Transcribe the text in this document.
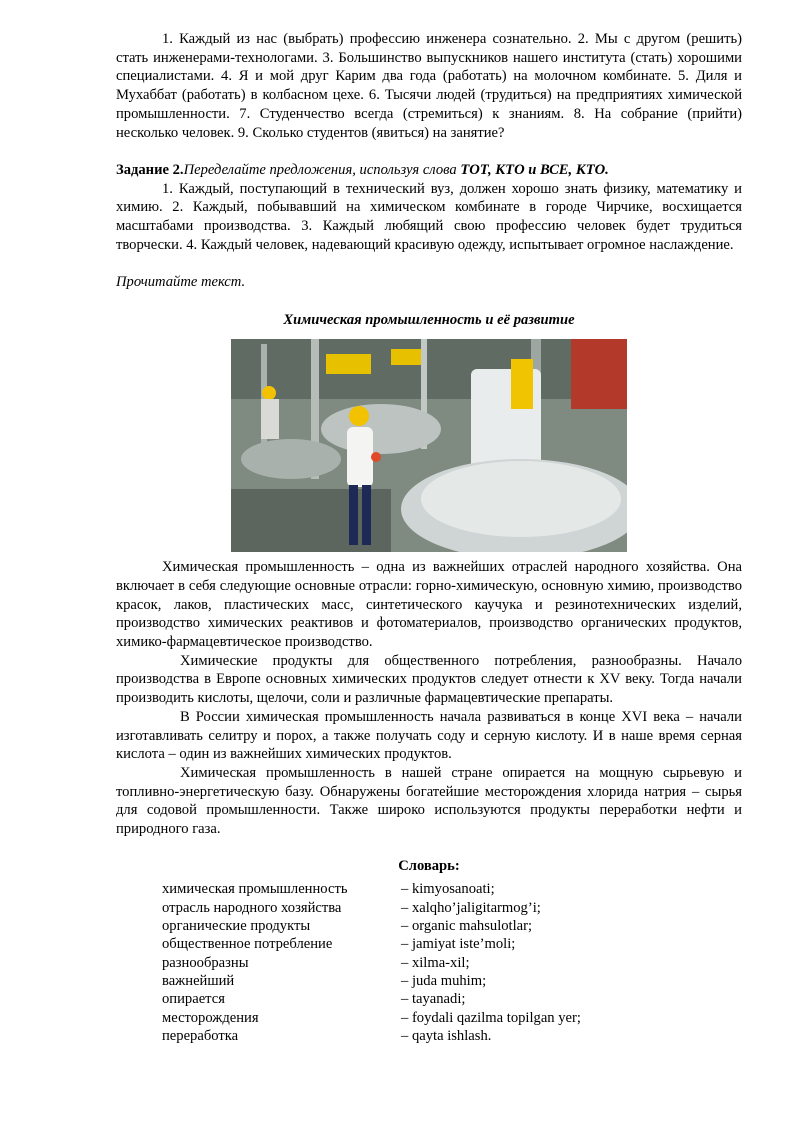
1. Каждый из нас (выбрать) профессию инженера сознательно. 2. Мы с другом (решить) стать инженерами-технологами. 3. Большинство выпускников нашего института (стать) хорошими специалистами. 4. Я и мой друг Карим два года (работать) на молочном комбинате. 5. Диля и Мухаббат (работать) в колбасном цехе. 6. Тысячи людей (трудиться) на предприятиях химической промышленности. 7. Студенчество всегда (стремиться) к знаниям. 8. На собрание (прийти) несколько человек. 9. Сколько студентов (явиться) на занятие?

Задание 2.Переделайте предложения, используя слова ТОТ, КТО и ВСЕ, КТО.

1. Каждый, поступающий в технический вуз, должен хорошо знать физику, математику и химию. 2. Каждый, побывавший на химическом комбинате в городе Чирчике, восхищается масштабами производства. 3. Каждый любящий свою профессию человек будет трудиться творчески. 4. Каждый человек, надевающий красивую одежду, испытывает огромное наслаждение.

Прочитайте текст.

Химическая промышленность и её развитие

Химическая промышленность – одна из важнейших отраслей народного хозяйства. Она включает в себя следующие основные отрасли: горно-химическую, основную химию, производство красок, лаков, пластических масс, синтетического каучука и резинотехнических изделий, производство химических реактивов и фотоматериалов, производство органических продуктов, химико-фармацевтическое производство.

Химические продукты для общественного потребления, разнообразны. Начало производства в Европе основных химических продуктов следует отнести к XV веку. Тогда начали производить кислоты, щелочи, соли и различные фармацевтические препараты.

В России химическая промышленность начала развиваться в конце XVI века – начали изготавливать селитру и порох, а также получать соду и серную кислоту. И в наше время серная кислота – один из важнейших химических продуктов.

Химическая промышленность в нашей стране опирается на мощную сырьевую и топливно-энергетическую базу. Обнаружены богатейшие месторождения хлорида натрия – сырья для содовой промышленности. Также широко используются продукты переработки нефти и природного газа.

Словарь:

химическая промышленность	– kimyosanoati;
отрасль народного хозяйства	– xalqho’jaligitarmog’i;
органические продукты	– organic mahsulotlar;
общественное потребление	– jamiyat iste’moli;
разнообразны	– xilma-xil;
важнейший	– juda muhim;
опирается	– tayanadi;
месторождения	– foydali qazilma topilgan yer;
переработка	– qayta ishlash.
